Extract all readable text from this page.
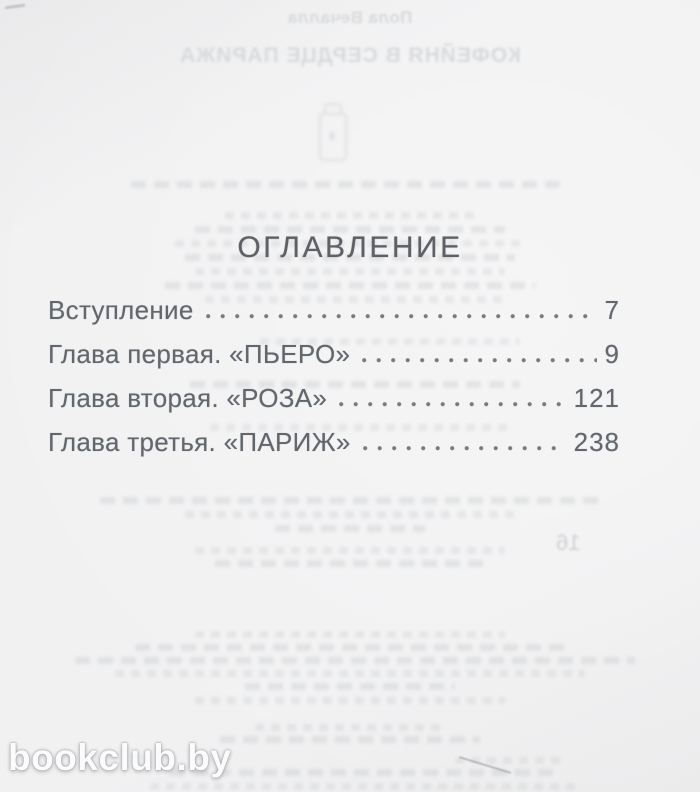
Пола Вечалла
КОФЕЙНЯ В СЕРДЦЕ ПАРИЖА
16
ОГЛАВЛЕНИЕ
Вступление	7
Глава первая. «ПЬЕРО»	9
Глава вторая. «РОЗА»	121
Глава третья. «ПАРИЖ»	238
bookclub.by
